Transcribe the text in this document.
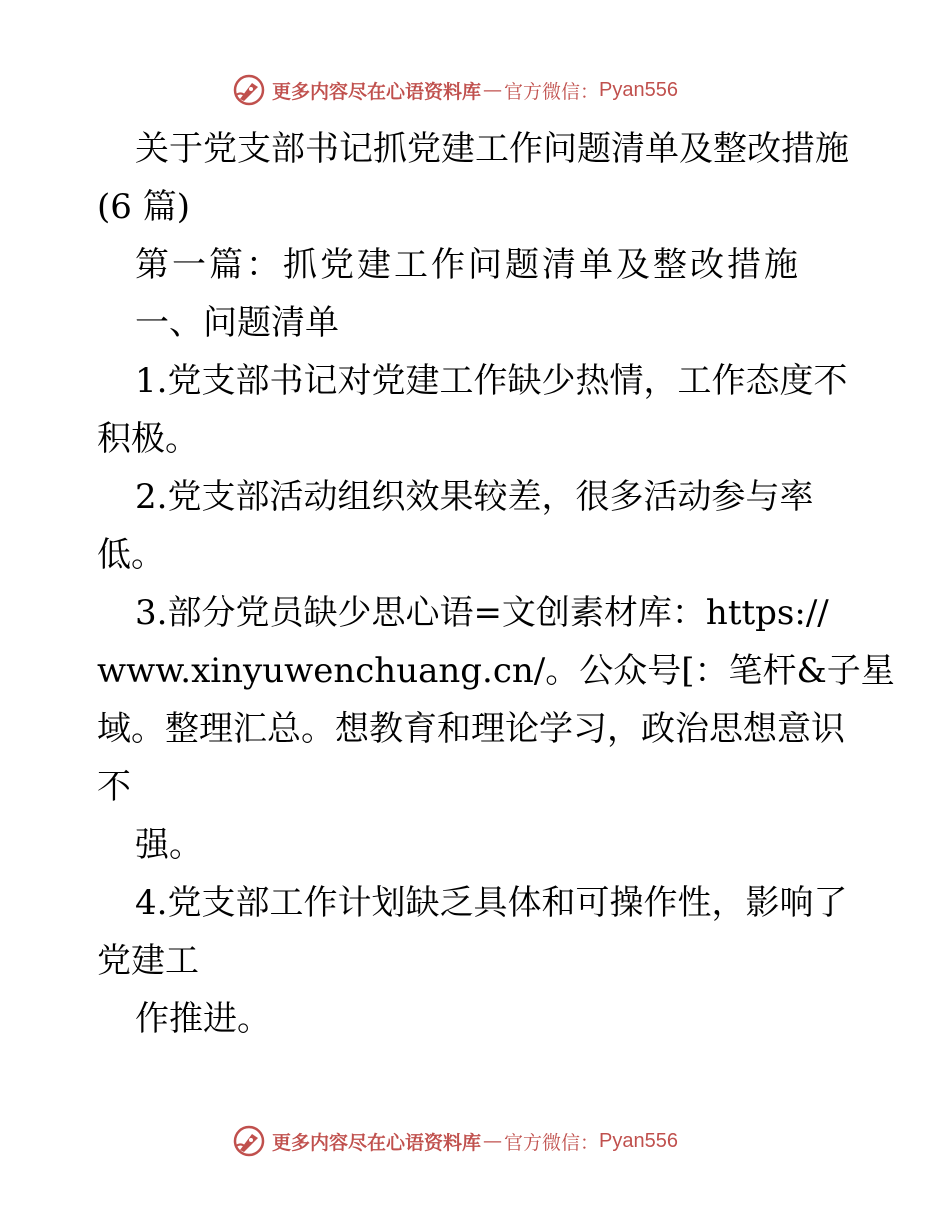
更多内容尽在心语资料库 — 官方微信： Pyan556
关于党支部书记抓党建工作问题清单及整改措施
(6 篇)
第一篇：抓党建工作问题清单及整改措施
一、问题清单
1.党支部书记对党建工作缺少热情，工作态度不
积极。
2.党支部活动组织效果较差，很多活动参与率
低。
3.部分党员缺少思心语=文创素材库：https://
www.xinyuwenchuang.cn/。公众号[：笔杆&子星
域。整理汇总。想教育和理论学习，政治思想意识
不
强。
4.党支部工作计划缺乏具体和可操作性，影响了
党建工
作推进。
更多内容尽在心语资料库 — 官方微信： Pyan556
